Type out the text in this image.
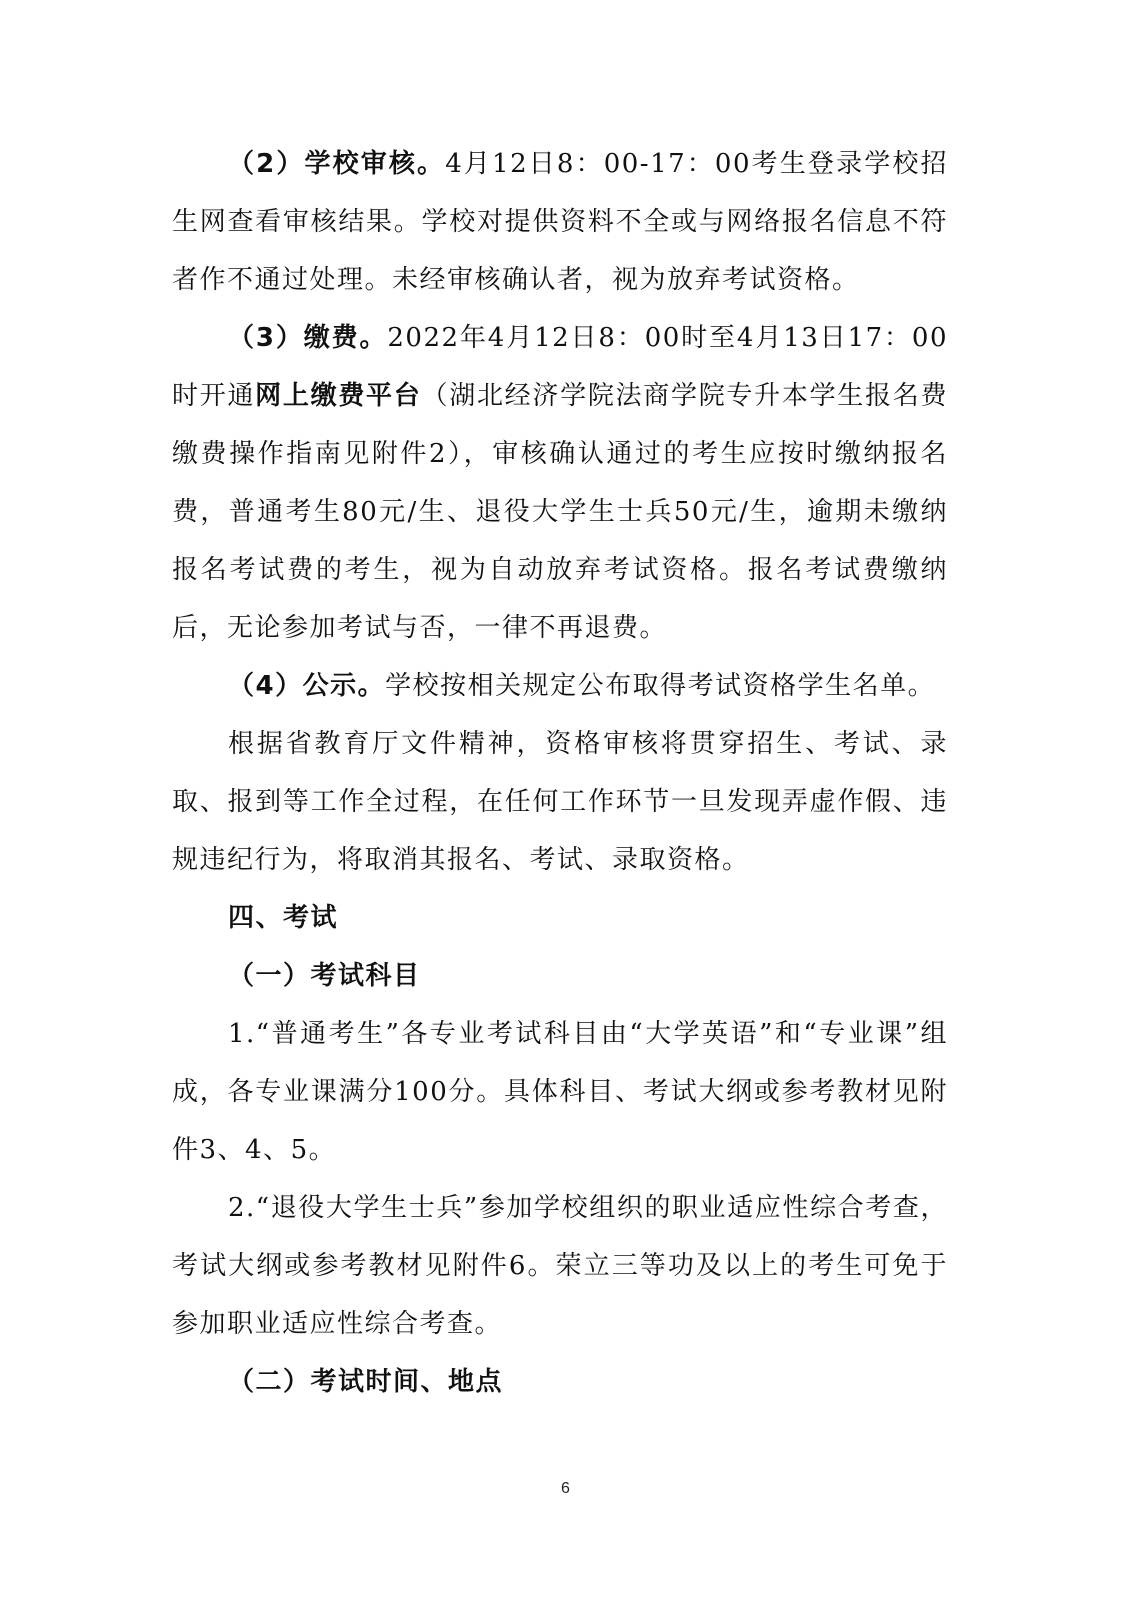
（2）学校审核。4月12日8：00-17：00考生登录学校招生网查看审核结果。学校对提供资料不全或与网络报名信息不符者作不通过处理。未经审核确认者，视为放弃考试资格。

（3）缴费。2022年4月12日8：00时至4月13日17：00时开通网上缴费平台（湖北经济学院法商学院专升本学生报名费缴费操作指南见附件2），审核确认通过的考生应按时缴纳报名费，普通考生80元/生、退役大学生士兵50元/生，逾期未缴纳报名考试费的考生，视为自动放弃考试资格。报名考试费缴纳后，无论参加考试与否，一律不再退费。

（4）公示。学校按相关规定公布取得考试资格学生名单。

根据省教育厅文件精神，资格审核将贯穿招生、考试、录取、报到等工作全过程，在任何工作环节一旦发现弄虚作假、违规违纪行为，将取消其报名、考试、录取资格。

四、考试

（一）考试科目

1.“普通考生”各专业考试科目由“大学英语”和“专业课”组成，各专业课满分100分。具体科目、考试大纲或参考教材见附件3、4、5。

2.“退役大学生士兵”参加学校组织的职业适应性综合考查，考试大纲或参考教材见附件6。荣立三等功及以上的考生可免于参加职业适应性综合考查。

（二）考试时间、地点

6
